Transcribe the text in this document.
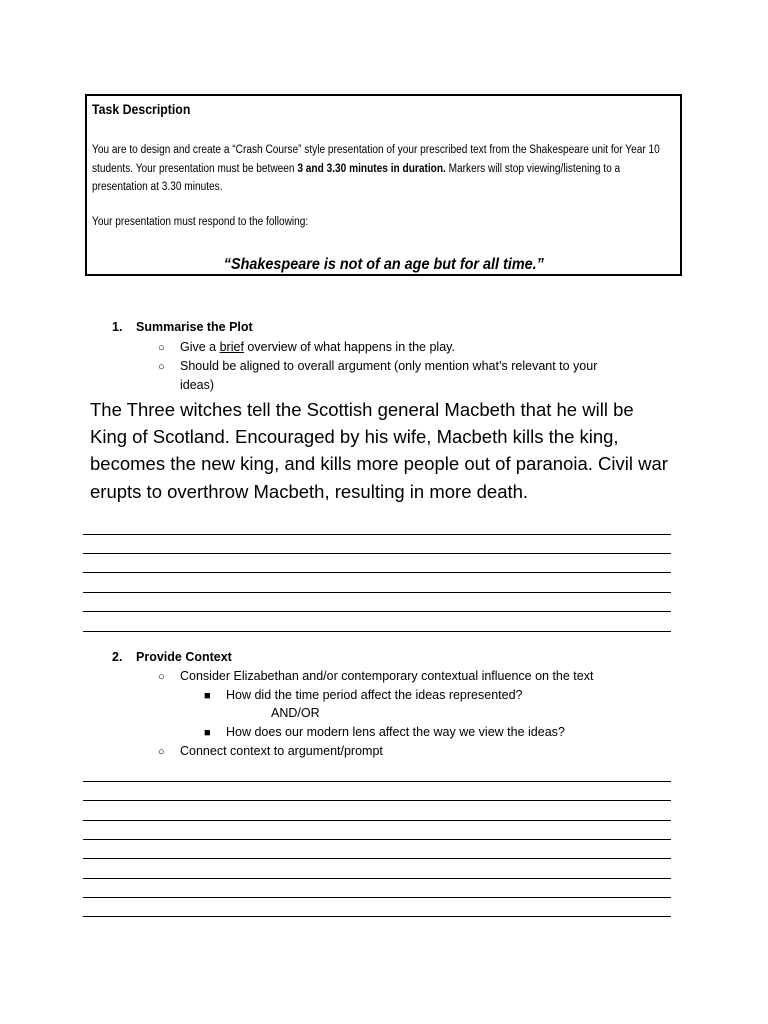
Task Description
You are to design and create a “Crash Course” style presentation of your prescribed text from the Shakespeare unit for Year 10 students. Your presentation must be between 3 and 3.30 minutes in duration. Markers will stop viewing/listening to a presentation at 3.30 minutes.
Your presentation must respond to the following:
“Shakespeare is not of an age but for all time.”
1. Summarise the Plot
○ Give a brief overview of what happens in the play.
○ Should be aligned to overall argument (only mention what’s relevant to your
ideas)
The Three witches tell the Scottish general Macbeth that he will be King of Scotland. Encouraged by his wife, Macbeth kills the king, becomes the new king, and kills more people out of paranoia. Civil war erupts to overthrow Macbeth, resulting in more death.
2. Provide Context
○ Consider Elizabethan and/or contemporary contextual influence on the text
■ How did the time period affect the ideas represented?
AND/OR
■ How does our modern lens affect the way we view the ideas?
○ Connect context to argument/prompt
